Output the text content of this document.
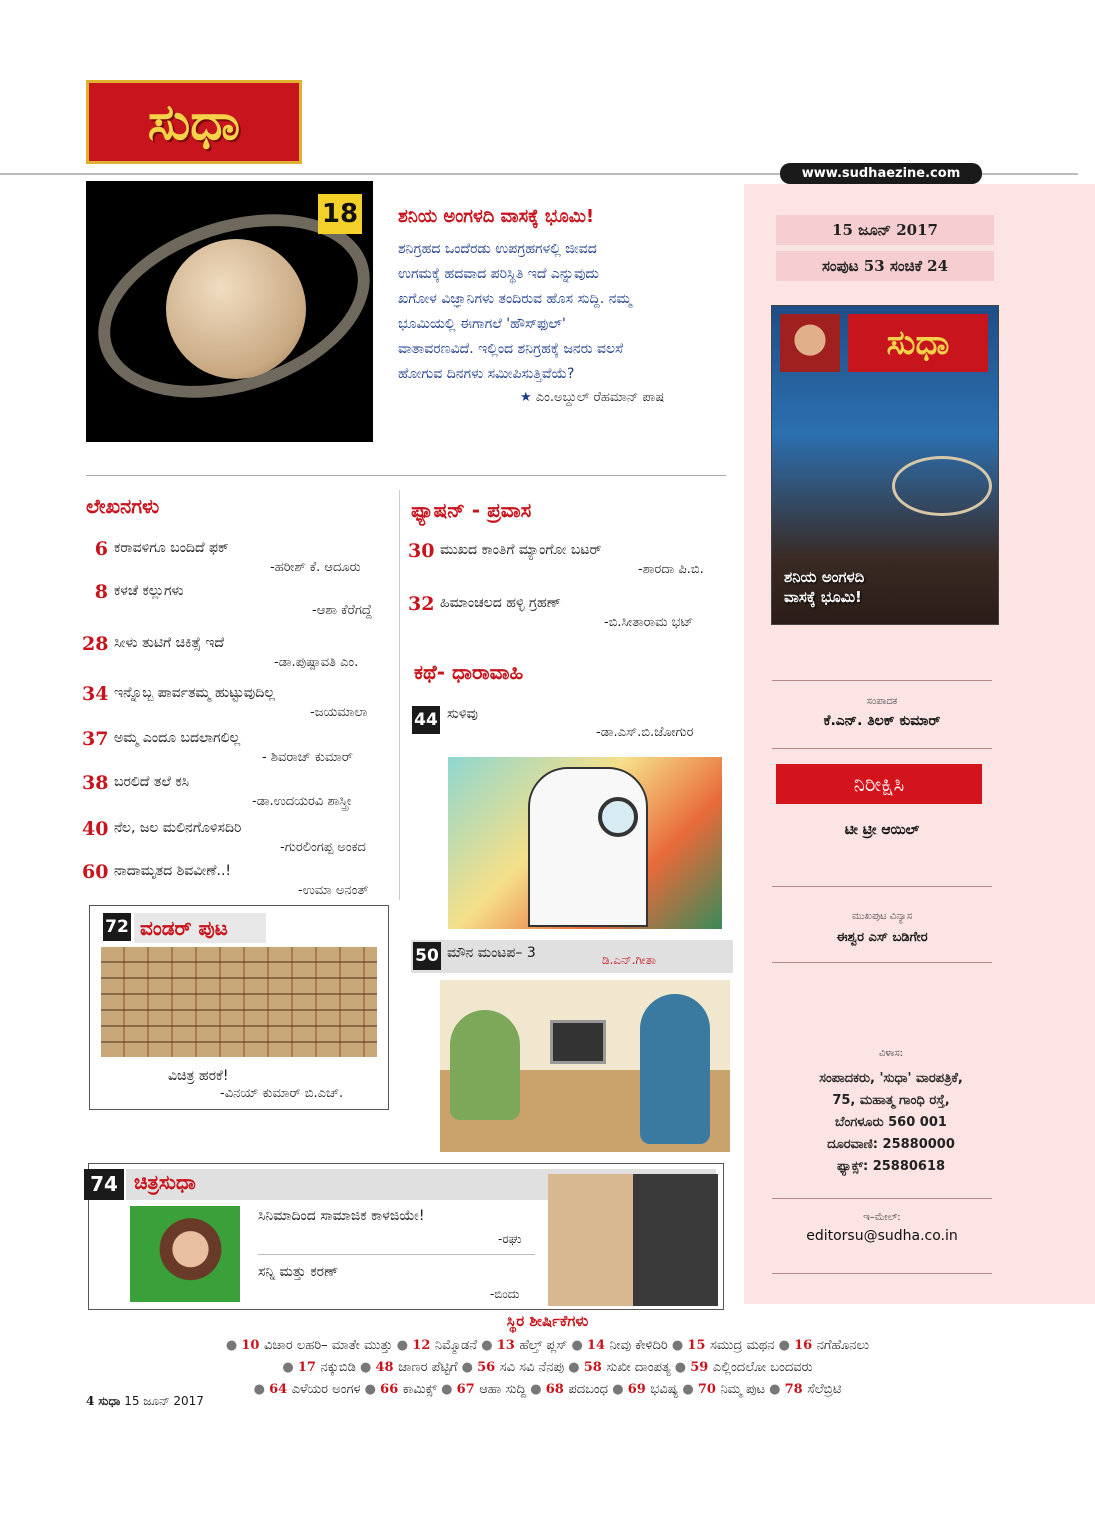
ಸುಧಾ
www.sudhaezine.com
15 ಜೂನ್ 2017
ಸಂಪುಟ 53 ಸಂಚಿಕೆ 24
ಸುಧಾ
ಶನಿಯ ಅಂಗಳದಿ
ವಾಸಕ್ಕೆ ಭೂಮಿ!
ಸಂಪಾದಕ
ಕೆ.ಎನ್. ತಿಲಕ್ ಕುಮಾರ್
ನಿರೀಕ್ಷಿಸಿ
ಟೀ ಟ್ರೀ ಆಯಿಲ್
ಮುಖಪುಟ ವಿನ್ಯಾಸ
ಈಶ್ವರ ಎಸ್ ಬಡಿಗೇರ
ವಿಳಾಸ:
ಸಂಪಾದಕರು, 'ಸುಧಾ' ವಾರಪತ್ರಿಕೆ,
75, ಮಹಾತ್ಮ ಗಾಂಧಿ ರಸ್ತೆ,
ಬೆಂಗಳೂರು 560 001
ದೂರವಾಣಿ: 25880000
ಫ್ಯಾಕ್ಸ್: 25880618
ಇ–ಮೇಲ್:
editorsu@sudha.co.in
18 ಶನಿಯ ಅಂಗಳದಿ ವಾಸಕ್ಕೆ ಭೂಮಿ!
ಶನಿಗ್ರಹದ ಒಂದೆರಡು ಉಪಗ್ರಹಗಳಲ್ಲಿ ಜೀವದ
ಉಗಮಕ್ಕೆ ಹದವಾದ ಪರಿಸ್ಥಿತಿ ಇದೆ ಎನ್ನುವುದು
ಖಗೋಳ ವಿಜ್ಞಾನಿಗಳು ತಂದಿರುವ ಹೊಸ ಸುದ್ದಿ. ನಮ್ಮ
ಭೂಮಿಯಲ್ಲಿ ಈಗಾಗಲೆ 'ಹೌಸ್‌ಫುಲ್'
ವಾತಾವರಣವಿದೆ. ಇಲ್ಲಿಂದ ಶನಿಗ್ರಹಕ್ಕೆ ಜನರು ವಲಸೆ
ಹೋಗುವ ದಿನಗಳು ಸಮೀಪಿಸುತ್ತಿವೆಯೆ?
★ ಎಂ.ಅಬ್ದುಲ್ ರೆಹಮಾನ್ ಪಾಷ
ಲೇಖನಗಳು
6 ಕರಾವಳಿಗೂ ಬಂದಿದೆ ಫಕ್
-ಹರೀಶ್ ಕೆ. ಆದೂರು
8 ಕಳಚೆ ಕಲ್ಲುಗಳು
-ಆಶಾ ಕೆರೆಗದ್ದೆ
28 ಸೀಳು ತುಟಿಗೆ ಚಿಕಿತ್ಸೆ ಇದೆ
-ಡಾ.ಪುಷ್ಪಾವತಿ ಎಂ.
34 ಇನ್ನೊಬ್ಬ ಪಾರ್ವತಮ್ಮ ಹುಟ್ಟುವುದಿಲ್ಲ
-ಜಯಮಾಲಾ
37 ಅಮ್ಮ ಎಂದೂ ಬದಲಾಗಲಿಲ್ಲ
- ಶಿವರಾಜ್ ಕುಮಾರ್
38 ಬರಲಿದೆ ತಲೆ ಕಸಿ
-ಡಾ.ಉದಯರವಿ ಶಾಸ್ತ್ರೀ
40 ನೆಲ, ಜಲ ಮಲಿನಗೊಳಿಸದಿರಿ
-ಗುರಲಿಂಗಪ್ಪ ಅಂಕದ
60 ನಾದಾಮೃತದ ಶಿವವೀಣೆ..!
-ಉಮಾ ಅನಂತ್
72 ವಂಡರ್ ಪುಟ
ವಿಚಿತ್ರ ಹರಕೆ!
-ವಿನಯ್ ಕುಮಾರ್ ಬಿ.ಎಚ್.
ಫ್ಯಾಷನ್ - ಪ್ರವಾಸ
30 ಮುಖದ ಕಾಂತಿಗೆ ಮ್ಯಾಂಗೋ ಬಟರ್
-ಶಾರದಾ ಪಿ.ಬಿ.
32 ಹಿಮಾಂಚಲದ ಹಳ್ಳಿ ಗ್ರಹಣ್
-ಬಿ.ಸೀತಾರಾಮ ಭಟ್
ಕಥೆ- ಧಾರಾವಾಹಿ
44 ಸುಳಿವು
-ಡಾ.ಎಸ್.ಬಿ.ಜೋಗುರ
50 ಮೌನ ಮಂಟಪ– 3	ಡಿ.ಎನ್.ಗೀತಾ
74 ಚಿತ್ರಸುಧಾ
ಸಿನಿಮಾದಿಂದ ಸಾಮಾಜಿಕ ಕಾಳಜಿಯೇ!
-ರಘು
ಸನ್ನಿ ಮತ್ತು ಕರಣ್
-ಬಿಂದು
ಸ್ಥಿರ ಶೀರ್ಷಿಕೆಗಳು
● 10 ವಿಚಾರ ಲಹರಿ– ಮಾತೇ ಮುತ್ತು ● 12 ನಿಮ್ಮೊಡನೆ ● 13 ಹೆಲ್ತ್ ಪ್ಲಸ್ ● 14 ನೀವು ಕೇಳಿದಿರಿ ● 15 ಸಮುದ್ರ ಮಥನ ● 16 ನಗೆಹೊನಲು
● 17 ನಕ್ಕುಬಿಡಿ ● 48 ಜಾಣರ ಪೆಟ್ಟಿಗೆ ● 56 ಸವಿ ಸವಿ ನೆನಪು ● 58 ಸುಖೀ ದಾಂಪತ್ಯ ● 59 ಎಲ್ಲಿಂದಲೋ ಬಂದವರು
● 64 ಎಳೆಯರ ಅಂಗಳ ● 66 ಕಾಮಿಕ್ಸ್ ● 67 ಆಹಾ ಸುದ್ದಿ ● 68 ಪದಬಂಧ ● 69 ಭವಿಷ್ಯ ● 70 ನಿಮ್ಮ ಪುಟ ● 78 ಸೆಲೆಬ್ರಿಟಿ
4 ಸುಧಾ 15 ಜೂನ್ 2017
